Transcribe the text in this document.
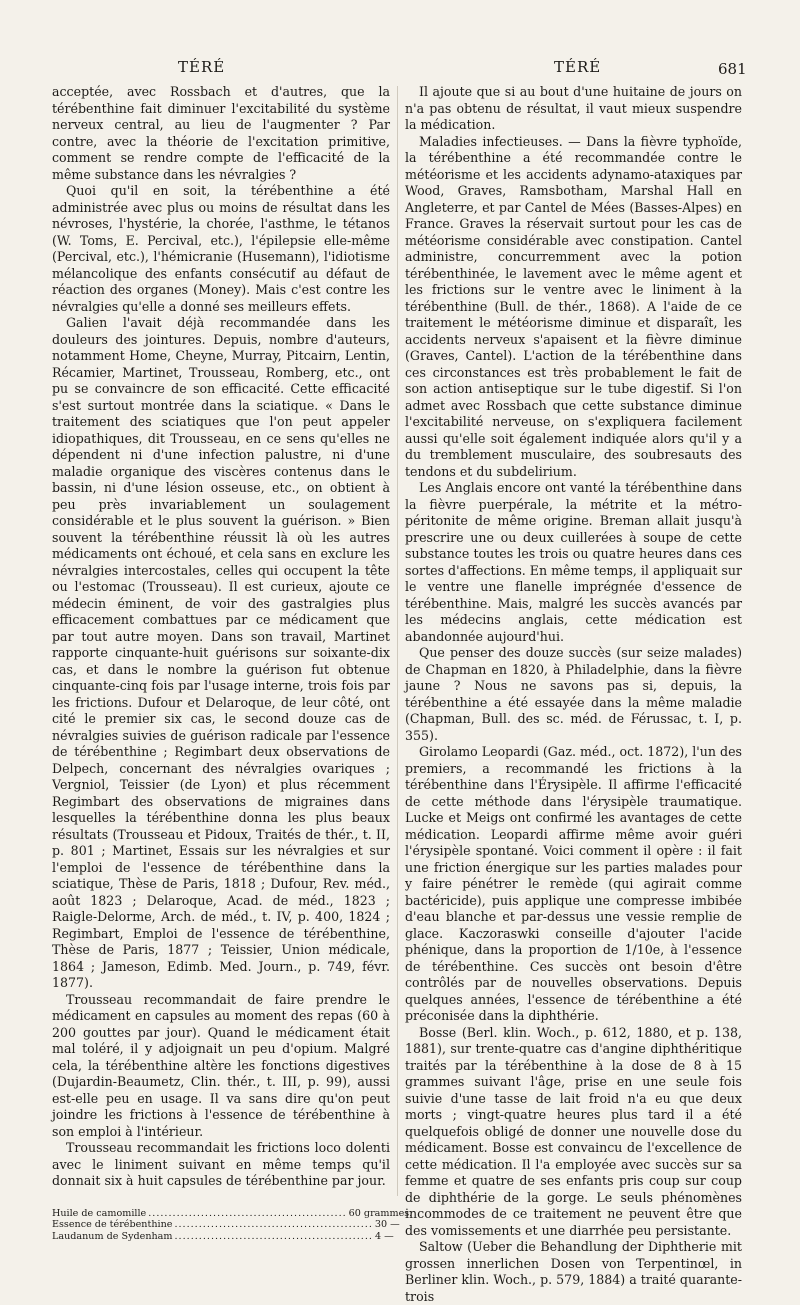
TÉRÉ	TÉRÉ	681

acceptée, avec Rossbach et d'autres, que la térébenthine fait diminuer l'excitabilité du système nerveux central, au lieu de l'augmenter ? Par contre, avec la théorie de l'excitation primitive, comment se rendre compte de l'efficacité de la même substance dans les névralgies ?

Quoi qu'il en soit, la térébenthine a été administrée avec plus ou moins de résultat dans les névroses, l'hystérie, la chorée, l'asthme, le tétanos (W. Toms, E. Percival, etc.), l'épilepsie elle-même (Percival, etc.), l'hémicranie (Husemann), l'idiotisme mélancolique des enfants consécutif au défaut de réaction des organes (Money). Mais c'est contre les névralgies qu'elle a donné ses meilleurs effets.

Galien l'avait déjà recommandée dans les douleurs des jointures. Depuis, nombre d'auteurs, notamment Home, Cheyne, Murray, Pitcairn, Lentin, Récamier, Martinet, Trousseau, Romberg, etc., ont pu se convaincre de son efficacité. Cette efficacité s'est surtout montrée dans la sciatique. « Dans le traitement des sciatiques que l'on peut appeler idiopathiques, dit Trousseau, en ce sens qu'elles ne dépendent ni d'une infection palustre, ni d'une maladie organique des viscères contenus dans le bassin, ni d'une lésion osseuse, etc., on obtient à peu près invariablement un soulagement considérable et le plus souvent la guérison. » Bien souvent la térébenthine réussit là où les autres médicaments ont échoué, et cela sans en exclure les névralgies intercostales, celles qui occupent la tête ou l'estomac (Trousseau). Il est curieux, ajoute ce médecin éminent, de voir des gastralgies plus efficacement combattues par ce médicament que par tout autre moyen. Dans son travail, Martinet rapporte cinquante-huit guérisons sur soixante-dix cas, et dans le nombre la guérison fut obtenue cinquante-cinq fois par l'usage interne, trois fois par les frictions. Dufour et Delaroque, de leur côté, ont cité le premier six cas, le second douze cas de névralgies suivies de guérison radicale par l'essence de térébenthine ; Regimbart deux observations de Delpech, concernant des névralgies ovariques ; Vergniol, Teissier (de Lyon) et plus récemment Regimbart des observations de migraines dans lesquelles la térébenthine donna les plus beaux résultats (Trousseau et Pidoux, Traités de thér., t. II, p. 801 ; Martinet, Essais sur les névralgies et sur l'emploi de l'essence de térébenthine dans la sciatique, Thèse de Paris, 1818 ; Dufour, Rev. méd., août 1823 ; Delaroque, Acad. de méd., 1823 ; Raigle-Delorme, Arch. de méd., t. IV, p. 400, 1824 ; Regimbart, Emploi de l'essence de térébenthine, Thèse de Paris, 1877 ; Teissier, Union médicale, 1864 ; Jameson, Edimb. Med. Journ., p. 749, févr. 1877).

Trousseau recommandait de faire prendre le médicament en capsules au moment des repas (60 à 200 gouttes par jour). Quand le médicament était mal toléré, il y adjoignait un peu d'opium. Malgré cela, la térébenthine altère les fonctions digestives (Dujardin-Beaumetz, Clin. thér., t. III, p. 99), aussi est-elle peu en usage. Il va sans dire qu'on peut joindre les frictions à l'essence de térébenthine à son emploi à l'intérieur.

Trousseau recommandait les frictions loco dolenti avec le liniment suivant en même temps qu'il donnait six à huit capsules de térébenthine par jour.

Huile de camomille ................................................. 60 grammes.
Essence de térébenthine ................................................. 30 —
Laudanum de Sydenham ................................................. 4 —

Il ajoute que si au bout d'une huitaine de jours on n'a pas obtenu de résultat, il vaut mieux suspendre la médication.

Maladies infectieuses. — Dans la fièvre typhoïde, la térébenthine a été recommandée contre le météorisme et les accidents adynamo-ataxiques par Wood, Graves, Ramsbotham, Marshal Hall en Angleterre, et par Cantel de Mées (Basses-Alpes) en France. Graves la réservait surtout pour les cas de météorisme considérable avec constipation. Cantel administre, concurremment avec la potion térébenthinée, le lavement avec le même agent et les frictions sur le ventre avec le liniment à la térébenthine (Bull. de thér., 1868). A l'aide de ce traitement le météorisme diminue et disparaît, les accidents nerveux s'apaisent et la fièvre diminue (Graves, Cantel). L'action de la térébenthine dans ces circonstances est très probablement le fait de son action antiseptique sur le tube digestif. Si l'on admet avec Rossbach que cette substance diminue l'excitabilité nerveuse, on s'expliquera facilement aussi qu'elle soit également indiquée alors qu'il y a du tremblement musculaire, des soubresauts des tendons et du subdelirium.

Les Anglais encore ont vanté la térébenthine dans la fièvre puerpérale, la métrite et la métro-péritonite de même origine. Breman allait jusqu'à prescrire une ou deux cuillerées à soupe de cette substance toutes les trois ou quatre heures dans ces sortes d'affections. En même temps, il appliquait sur le ventre une flanelle imprégnée d'essence de térébenthine. Mais, malgré les succès avancés par les médecins anglais, cette médication est abandonnée aujourd'hui.

Que penser des douze succès (sur seize malades) de Chapman en 1820, à Philadelphie, dans la fièvre jaune ? Nous ne savons pas si, depuis, la térébenthine a été essayée dans la même maladie (Chapman, Bull. des sc. méd. de Férussac, t. I, p. 355).

Girolamo Leopardi (Gaz. méd., oct. 1872), l'un des premiers, a recommandé les frictions à la térébenthine dans l'Érysipèle. Il affirme l'efficacité de cette méthode dans l'érysipèle traumatique. Lucke et Meigs ont confirmé les avantages de cette médication. Leopardi affirme même avoir guéri l'érysipèle spontané. Voici comment il opère : il fait une friction énergique sur les parties malades pour y faire pénétrer le remède (qui agirait comme bactéricide), puis applique une compresse imbibée d'eau blanche et par-dessus une vessie remplie de glace. Kaczoraswki conseille d'ajouter l'acide phénique, dans la proportion de 1/10e, à l'essence de térébenthine. Ces succès ont besoin d'être contrôlés par de nouvelles observations. Depuis quelques années, l'essence de térébenthine a été préconisée dans la diphthérie.

Bosse (Berl. klin. Woch., p. 612, 1880, et p. 138, 1881), sur trente-quatre cas d'angine diphthéritique traités par la térébenthine à la dose de 8 à 15 grammes suivant l'âge, prise en une seule fois suivie d'une tasse de lait froid n'a eu que deux morts ; vingt-quatre heures plus tard il a été quelquefois obligé de donner une nouvelle dose du médicament. Bosse est convaincu de l'excellence de cette médication. Il l'a employée avec succès sur sa femme et quatre de ses enfants pris coup sur coup de diphthérie de la gorge. Le seuls phénomènes incommodes de ce traitement ne peuvent être que des vomissements et une diarrhée peu persistante.

Saltow (Ueber die Behandlung der Diphtherie mit grossen innerlichen Dosen von Terpentinœl, in Berliner klin. Woch., p. 579, 1884) a traité quarante-trois
